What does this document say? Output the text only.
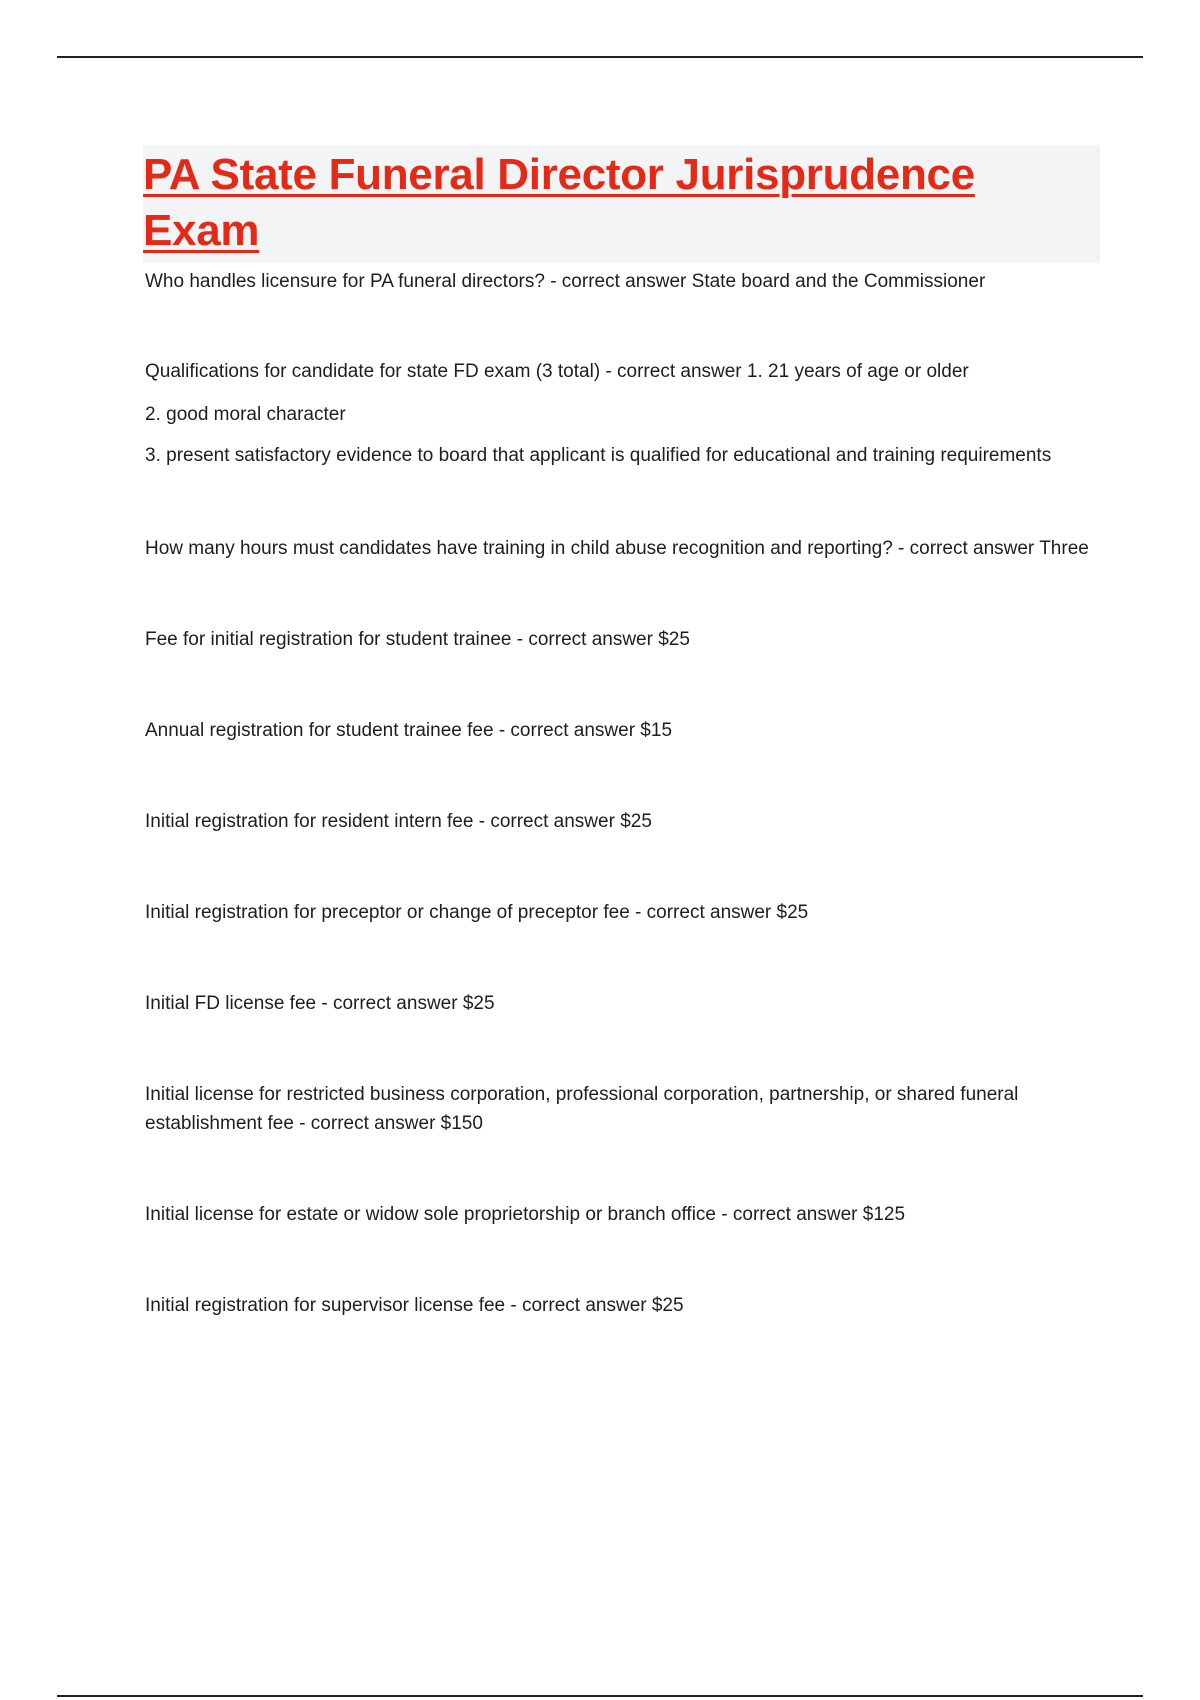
PA State Funeral Director Jurisprudence Exam

Who handles licensure for PA funeral directors? - correct answer State board and the Commissioner

Qualifications for candidate for state FD exam (3 total) - correct answer 1. 21 years of age or older
2. good moral character
3. present satisfactory evidence to board that applicant is qualified for educational and training requirements

How many hours must candidates have training in child abuse recognition and reporting? - correct answer Three

Fee for initial registration for student trainee - correct answer $25

Annual registration for student trainee fee - correct answer $15

Initial registration for resident intern fee - correct answer $25

Initial registration for preceptor or change of preceptor fee - correct answer $25

Initial FD license fee - correct answer $25

Initial license for restricted business corporation, professional corporation, partnership, or shared funeral establishment fee - correct answer $150

Initial license for estate or widow sole proprietorship or branch office - correct answer $125

Initial registration for supervisor license fee - correct answer $25
